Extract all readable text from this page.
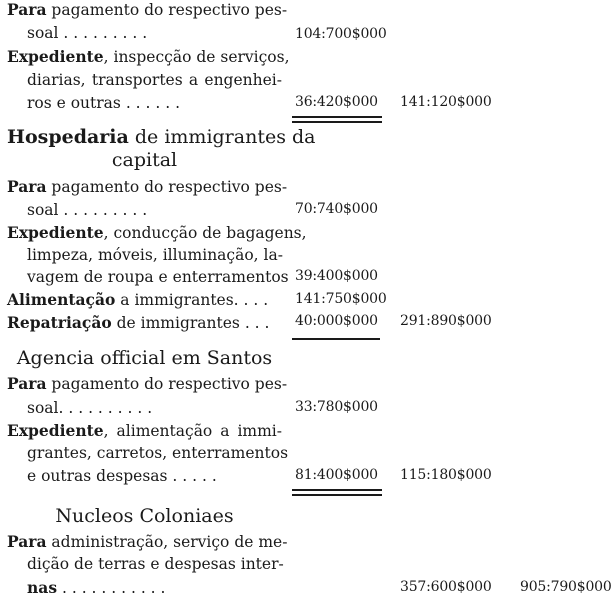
Para pagamento do respectivo pes-
soal . . . . . . . . .	104:700$000
Expediente, inspecção de serviços,
diarias, transportes a engenhei-
ros e outras . . . . . .	36:420$000 141:120$000
Hospedaria de immigrantes da
capital
Para pagamento do respectivo pes-
soal . . . . . . . . .	70:740$000
Expediente, conducção de bagagens,
limpeza, móveis, illuminação, la-
vagem de roupa e enterramentos 39:400$000
Alimentação a immigrantes. . . .	141:750$000
Repatriação de immigrantes . . .	40:000$000 291:890$000
Agencia official em Santos
Para pagamento do respectivo pes-
soal. . . . . . . . . .	33:780$000
Expediente, alimentação a immi-
grantes, carretos, enterramentos
e outras despesas . . . . .	81:400$000 115:180$000
Nucleos Coloniaes
Para administração, serviço de me-
dição de terras e despesas inter-
nas . . . . . . . . . . .	357:600$000 905:790$000
